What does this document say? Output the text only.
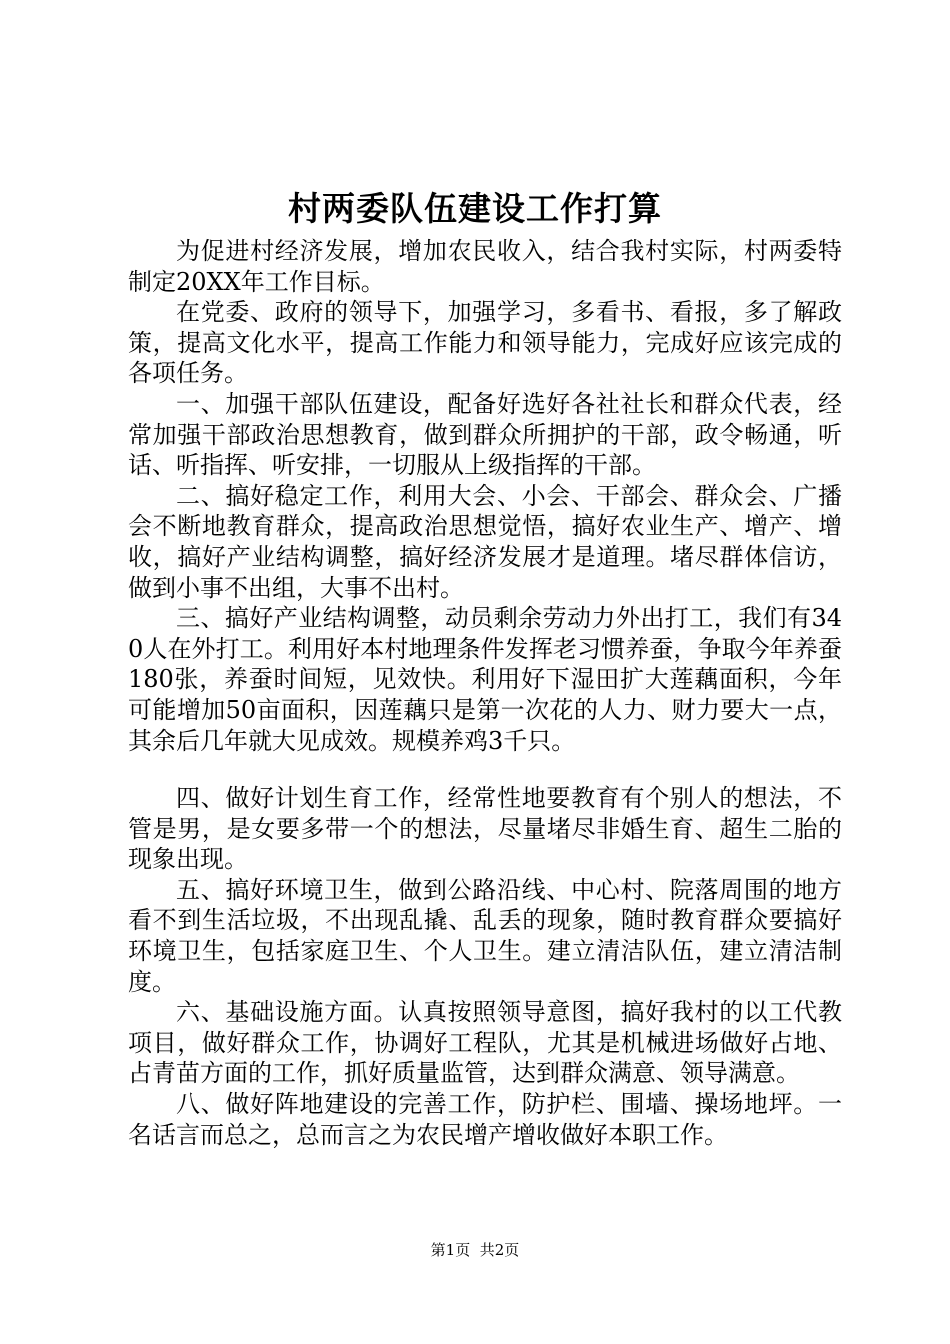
村两委队伍建设工作打算

为促进村经济发展，增加农民收入，结合我村实际，村两委特制定20XX年工作目标。

在党委、政府的领导下，加强学习，多看书、看报，多了解政策，提高文化水平，提高工作能力和领导能力，完成好应该完成的各项任务。

一、加强干部队伍建设，配备好选好各社社长和群众代表，经常加强干部政治思想教育，做到群众所拥护的干部，政令畅通，听话、听指挥、听安排，一切服从上级指挥的干部。

二、搞好稳定工作，利用大会、小会、干部会、群众会、广播会不断地教育群众，提高政治思想觉悟，搞好农业生产、增产、增收，搞好产业结构调整，搞好经济发展才是道理。堵尽群体信访，做到小事不出组，大事不出村。

三、搞好产业结构调整，动员剩余劳动力外出打工，我们有340人在外打工。利用好本村地理条件发挥老习惯养蚕，争取今年养蚕180张，养蚕时间短，见效快。利用好下湿田扩大莲藕面积，今年可能增加50亩面积，因莲藕只是第一次花的人力、财力要大一点，其余后几年就大见成效。规模养鸡3千只。

四、做好计划生育工作，经常性地要教育有个别人的想法，不管是男，是女要多带一个的想法，尽量堵尽非婚生育、超生二胎的现象出现。

五、搞好环境卫生，做到公路沿线、中心村、院落周围的地方看不到生活垃圾，不出现乱撬、乱丢的现象，随时教育群众要搞好环境卫生，包括家庭卫生、个人卫生。建立清洁队伍，建立清洁制度。

六、基础设施方面。认真按照领导意图，搞好我村的以工代教项目，做好群众工作，协调好工程队，尤其是机械进场做好占地、占青苗方面的工作，抓好质量监管，达到群众满意、领导满意。

八、做好阵地建设的完善工作，防护栏、围墙、操场地坪。一名话言而总之，总而言之为农民增产增收做好本职工作。

第1页 共2页
